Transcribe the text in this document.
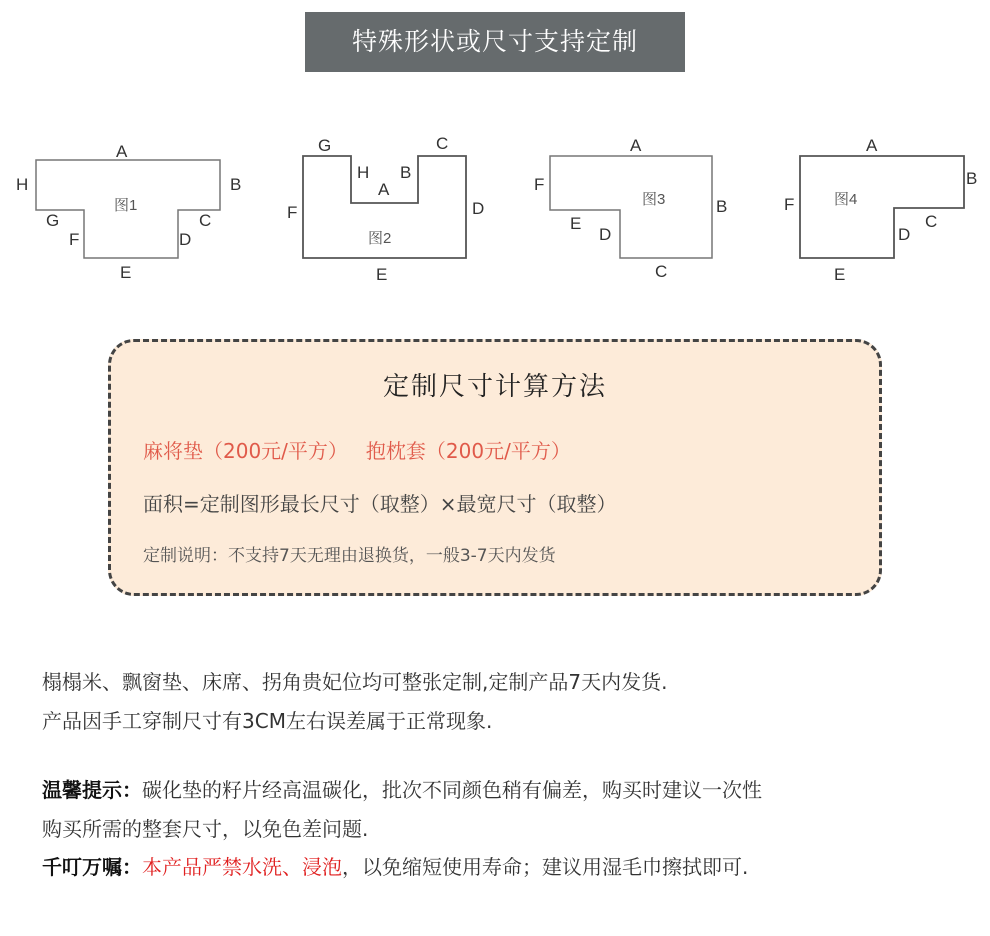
特殊形状或尺寸支持定制
A
H	B
G	C
F	D
E
图1
G	C
H B
A
F	D
E
图2
A
F
B
E
D
C
图3
A
F
B
C
D
E
图4
定制尺寸计算方法
麻将垫（200元/平方） 抱枕套（200元/平方）
面积=定制图形最长尺寸（取整）×最宽尺寸（取整）
定制说明：不支持7天无理由退换货，一般3-7天内发货
榻榻米、飘窗垫、床席、拐角贵妃位均可整张定制,定制产品7天内发货.
产品因手工穿制尺寸有3CM左右误差属于正常现象.
温馨提示：碳化垫的籽片经高温碳化，批次不同颜色稍有偏差，购买时建议一次性
购买所需的整套尺寸，以免色差问题.
千叮万嘱：本产品严禁水洗、浸泡，以免缩短使用寿命；建议用湿毛巾擦拭即可.
